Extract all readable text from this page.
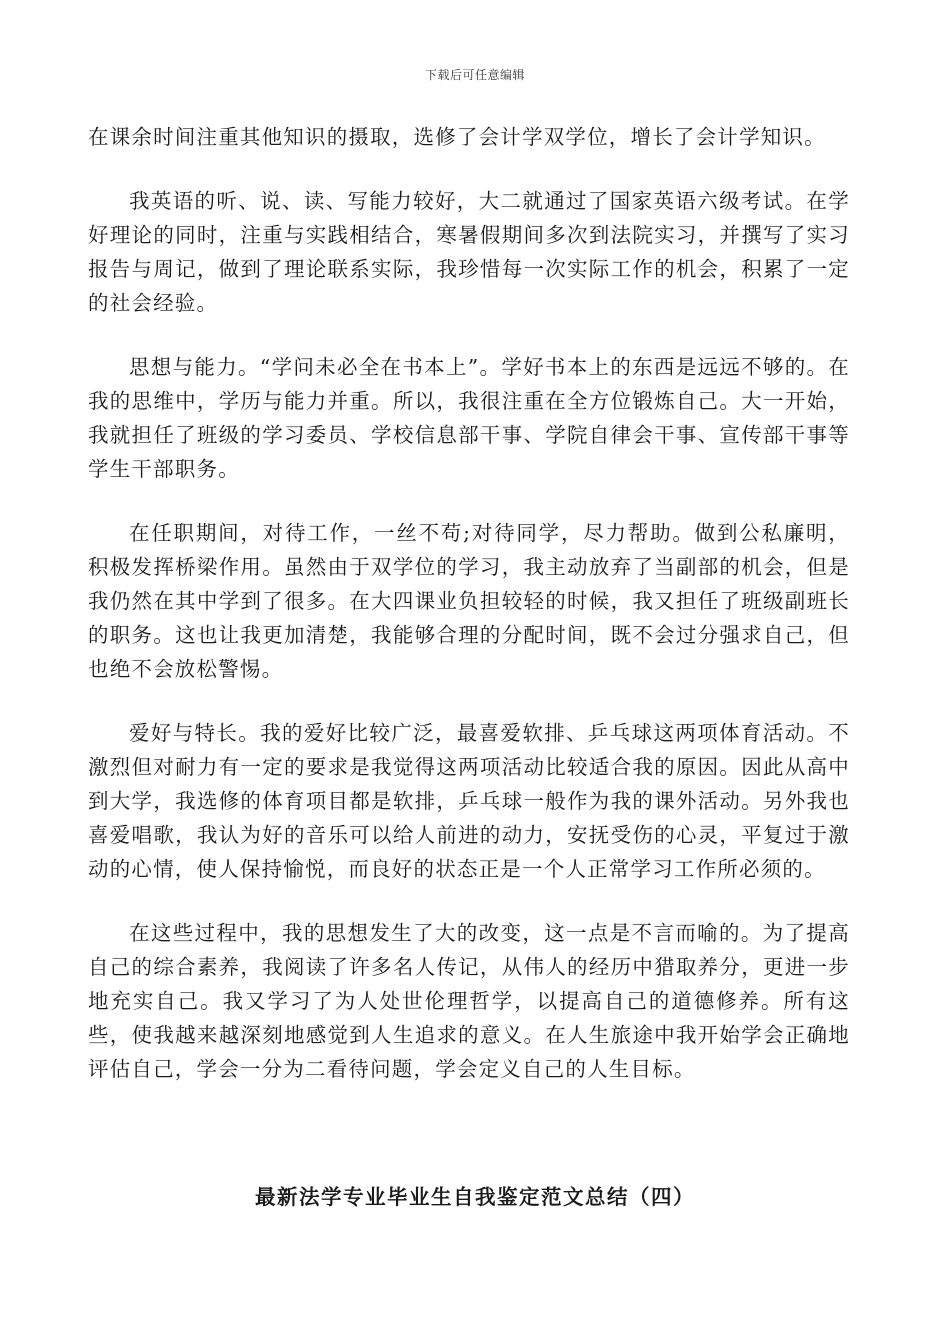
下载后可任意编辑

在课余时间注重其他知识的摄取，选修了会计学双学位，增长了会计学知识。

我英语的听、说、读、写能力较好，大二就通过了国家英语六级考试。在学好理论的同时，注重与实践相结合，寒暑假期间多次到法院实习，并撰写了实习报告与周记，做到了理论联系实际，我珍惜每一次实际工作的机会，积累了一定的社会经验。

思想与能力。“学问未必全在书本上”。学好书本上的东西是远远不够的。在我的思维中，学历与能力并重。所以，我很注重在全方位锻炼自己。大一开始，我就担任了班级的学习委员、学校信息部干事、学院自律会干事、宣传部干事等学生干部职务。

在任职期间，对待工作，一丝不苟;对待同学，尽力帮助。做到公私廉明，积极发挥桥梁作用。虽然由于双学位的学习，我主动放弃了当副部的机会，但是我仍然在其中学到了很多。在大四课业负担较轻的时候，我又担任了班级副班长的职务。这也让我更加清楚，我能够合理的分配时间，既不会过分强求自己，但也绝不会放松警惕。

爱好与特长。我的爱好比较广泛，最喜爱软排、乒乓球这两项体育活动。不激烈但对耐力有一定的要求是我觉得这两项活动比较适合我的原因。因此从高中到大学，我选修的体育项目都是软排，乒乓球一般作为我的课外活动。另外我也喜爱唱歌，我认为好的音乐可以给人前进的动力，安抚受伤的心灵，平复过于激动的心情，使人保持愉悦，而良好的状态正是一个人正常学习工作所必须的。

在这些过程中，我的思想发生了大的改变，这一点是不言而喻的。为了提高自己的综合素养，我阅读了许多名人传记，从伟人的经历中猎取养分，更进一步地充实自己。我又学习了为人处世伦理哲学，以提高自己的道德修养。所有这些，使我越来越深刻地感觉到人生追求的意义。在人生旅途中我开始学会正确地评估自己，学会一分为二看待问题，学会定义自己的人生目标。

最新法学专业毕业生自我鉴定范文总结（四）
